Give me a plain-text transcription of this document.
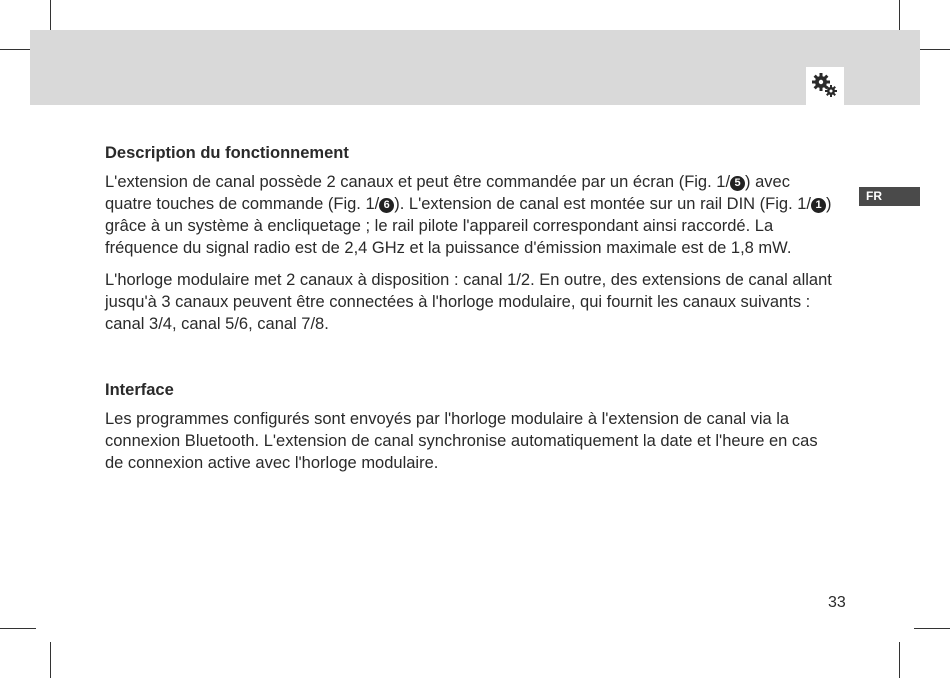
FR
Description du fonctionnement

L'extension de canal possède 2 canaux et peut être commandée par un écran (Fig. 1/ 5 ) avec quatre touches de commande (Fig. 1/ 6 ). L'extension de canal est montée sur un rail DIN (Fig. 1/ 1 ) grâce à un système à encliquetage ; le rail pilote l'appareil correspondant ainsi raccordé. La fréquence du signal radio est de 2,4 GHz et la puissance d'émission maximale est de 1,8 mW.

L'horloge modulaire met 2 canaux à disposition : canal 1/2. En outre, des extensions de canal allant jusqu'à 3 canaux peuvent être connectées à l'horloge modulaire, qui fournit les canaux suivants : canal 3/4, canal 5/6, canal 7/8.

Interface

Les programmes configurés sont envoyés par l'horloge modulaire à l'extension de canal via la connexion Bluetooth. L'extension de canal synchronise automatiquement la date et l'heure en cas de connexion active avec l'horloge modulaire.

33
